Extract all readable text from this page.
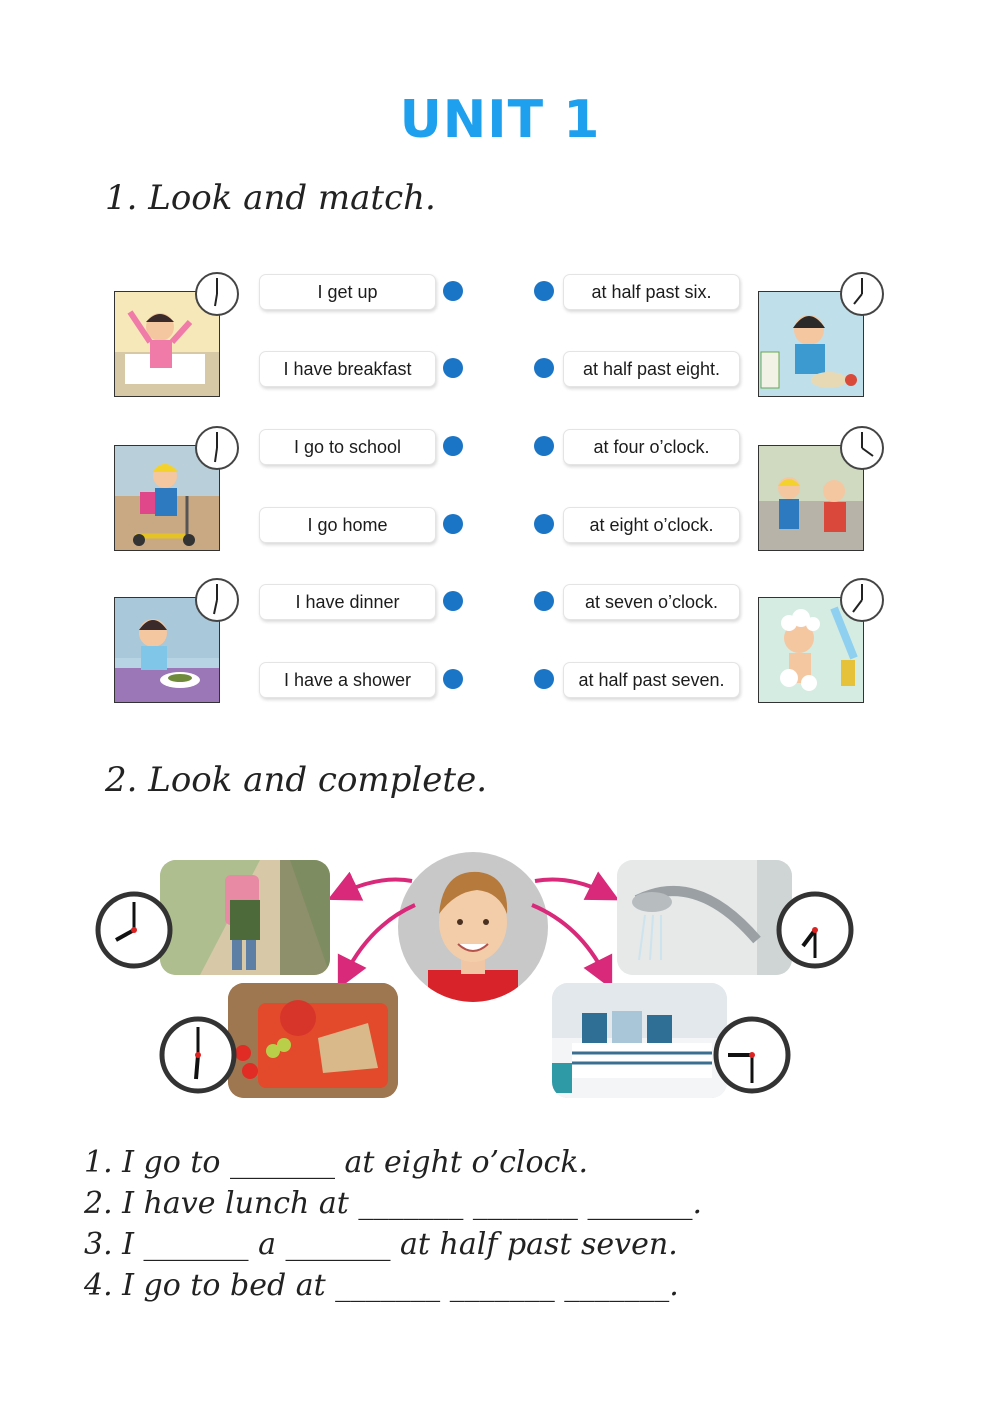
UNIT 1
1. Look and match.
I get up
I have breakfast
I go to school
I go home
I have dinner
I have a shower
at half past six.
at half past eight.
at four o’clock.
at eight o’clock.
at seven o’clock.
at half past seven.
2. Look and complete.
1. I go to _______ at eight o’clock.
2. I have lunch at _______ _______ _______.
3. I _______ a _______ at half past seven.
4. I go to bed at _______ _______ _______.
